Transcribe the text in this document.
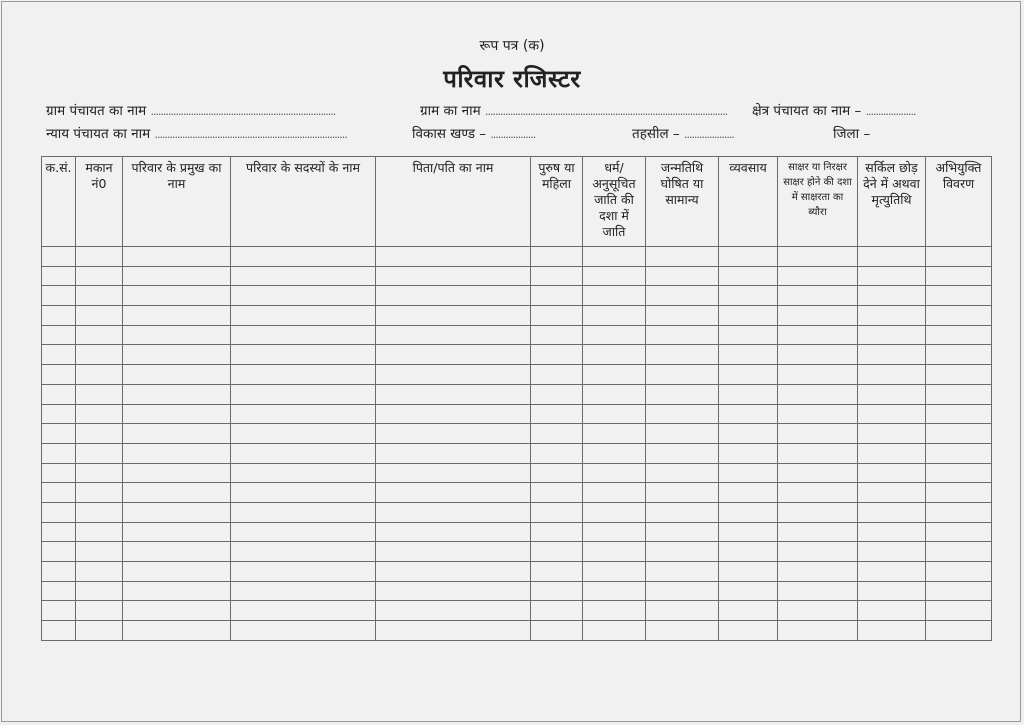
रूप पत्र (क)
परिवार रजिस्टर
ग्राम पंचायत का नाम ..........................................................................	ग्राम का नाम ................................................................................................. क्षेत्र पंचायत का नाम – ....................
न्याय पंचायत का नाम .............................................................................	विकास खण्ड – ..................	तहसील – ....................	जिला –
क.सं.	मकान नं0	परिवार के प्रमुख का नाम	परिवार के सदस्यों के नाम	पिता/पति का नाम	पुरुष या महिला	धर्म/ अनुसूचित जाति की दशा में जाति	जन्मतिथि घोषित या सामान्य	व्यवसाय	साक्षर या निरक्षर साक्षर होने की दशा में साक्षरता का ब्यौरा	सर्किल छोड़ देने में अथवा मृत्युतिथि	अभियुक्ति विवरण
